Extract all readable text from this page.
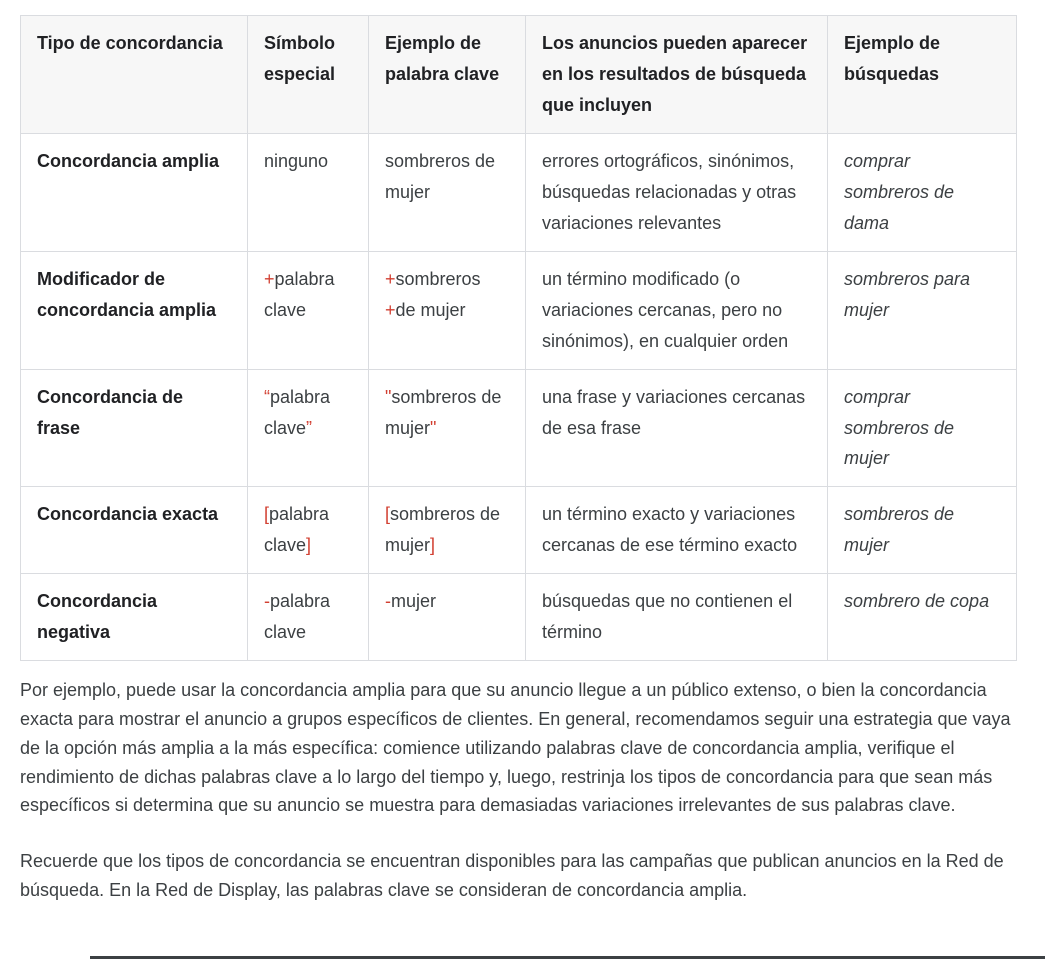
Tipo de concordancia	Símbolo especial	Ejemplo de palabra clave	Los anuncios pueden aparecer en los resultados de búsqueda que incluyen	Ejemplo de búsquedas
Concordancia amplia	ninguno	sombreros de mujer	errores ortográficos, sinónimos, búsquedas relacionadas y otras variaciones relevantes	comprar sombreros de dama
Modificador de concordancia amplia	+palabra clave	+sombreros +de mujer	un término modificado (o variaciones cercanas, pero no sinónimos), en cualquier orden	sombreros para mujer
Concordancia de frase	“palabra clave”	"sombreros de mujer"	una frase y variaciones cercanas de esa frase	comprar sombreros de mujer
Concordancia exacta	[palabra clave]	[sombreros de mujer]	un término exacto y variaciones cercanas de ese término exacto	sombreros de mujer
Concordancia negativa	-palabra clave	-mujer	búsquedas que no contienen el término	sombrero de copa

Por ejemplo, puede usar la concordancia amplia para que su anuncio llegue a un público extenso, o bien la concordancia exacta para mostrar el anuncio a grupos específicos de clientes. En general, recomendamos seguir una estrategia que vaya de la opción más amplia a la más específica: comience utilizando palabras clave de concordancia amplia, verifique el rendimiento de dichas palabras clave a lo largo del tiempo y, luego, restrinja los tipos de concordancia para que sean más específicos si determina que su anuncio se muestra para demasiadas variaciones irrelevantes de sus palabras clave.

Recuerde que los tipos de concordancia se encuentran disponibles para las campañas que publican anuncios en la Red de búsqueda. En la Red de Display, las palabras clave se consideran de concordancia amplia.
